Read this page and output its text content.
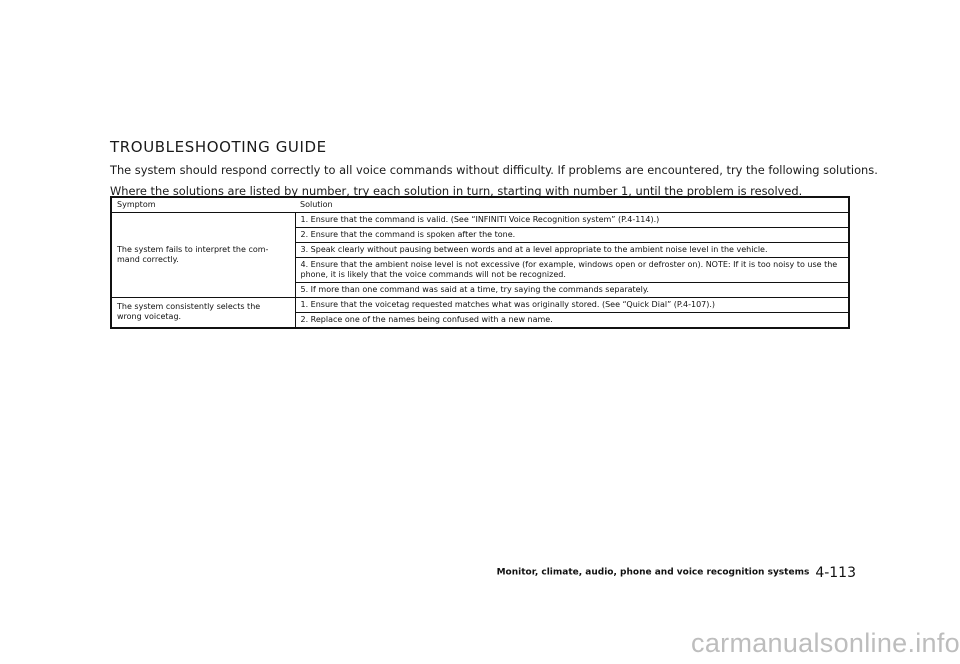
TROUBLESHOOTING GUIDE
The system should respond correctly to all voice commands without difficulty. If problems are encountered, try the following solutions.
Where the solutions are listed by number, try each solution in turn, starting with number 1, until the problem is resolved.
Symptom	Solution
The system fails to interpret the com-
mand correctly.	1. Ensure that the command is valid. (See “INFINITI Voice Recognition system” (P.4-114).)
	2. Ensure that the command is spoken after the tone.
	3. Speak clearly without pausing between words and at a level appropriate to the ambient noise level in the vehicle.
	4. Ensure that the ambient noise level is not excessive (for example, windows open or defroster on). NOTE: If it is too noisy to use the phone, it is likely that the voice commands will not be recognized.
	5. If more than one command was said at a time, try saying the commands separately.
The system consistently selects the
wrong voicetag.	1. Ensure that the voicetag requested matches what was originally stored. (See “Quick Dial” (P.4-107).)
	2. Replace one of the names being confused with a new name.
Monitor, climate, audio, phone and voice recognition systems 4-113
carmanualsonline.info
